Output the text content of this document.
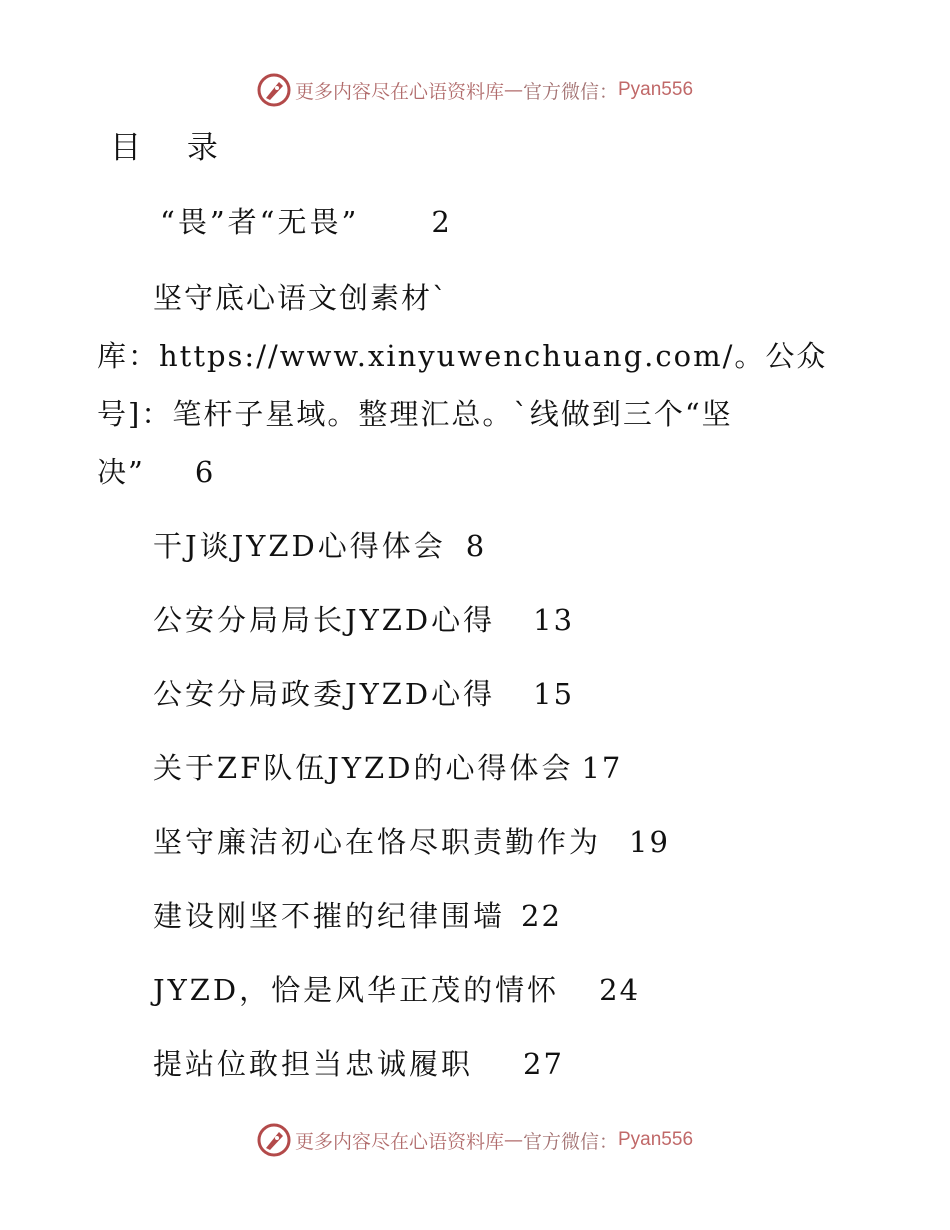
更多内容尽在心语资料库 — 官方微信： Pyan556
目 录
“畏”者“无畏” 2
坚守底心语文创素材`
库：https://www.xinyuwenchuang.com/。公众
号]：笔杆子星域。整理汇总。`线做到三个“坚
决” 6
干J谈JYZD心得体会 8
公安分局局长JYZD心得 13
公安分局政委JYZD心得 15
关于ZF队伍JYZD的心得体会 17
坚守廉洁初心在恪尽职责勤作为 19
建设刚坚不摧的纪律围墙 22
JYZD，恰是风华正茂的情怀 24
提站位敢担当忠诚履职 27
更多内容尽在心语资料库 — 官方微信： Pyan556
